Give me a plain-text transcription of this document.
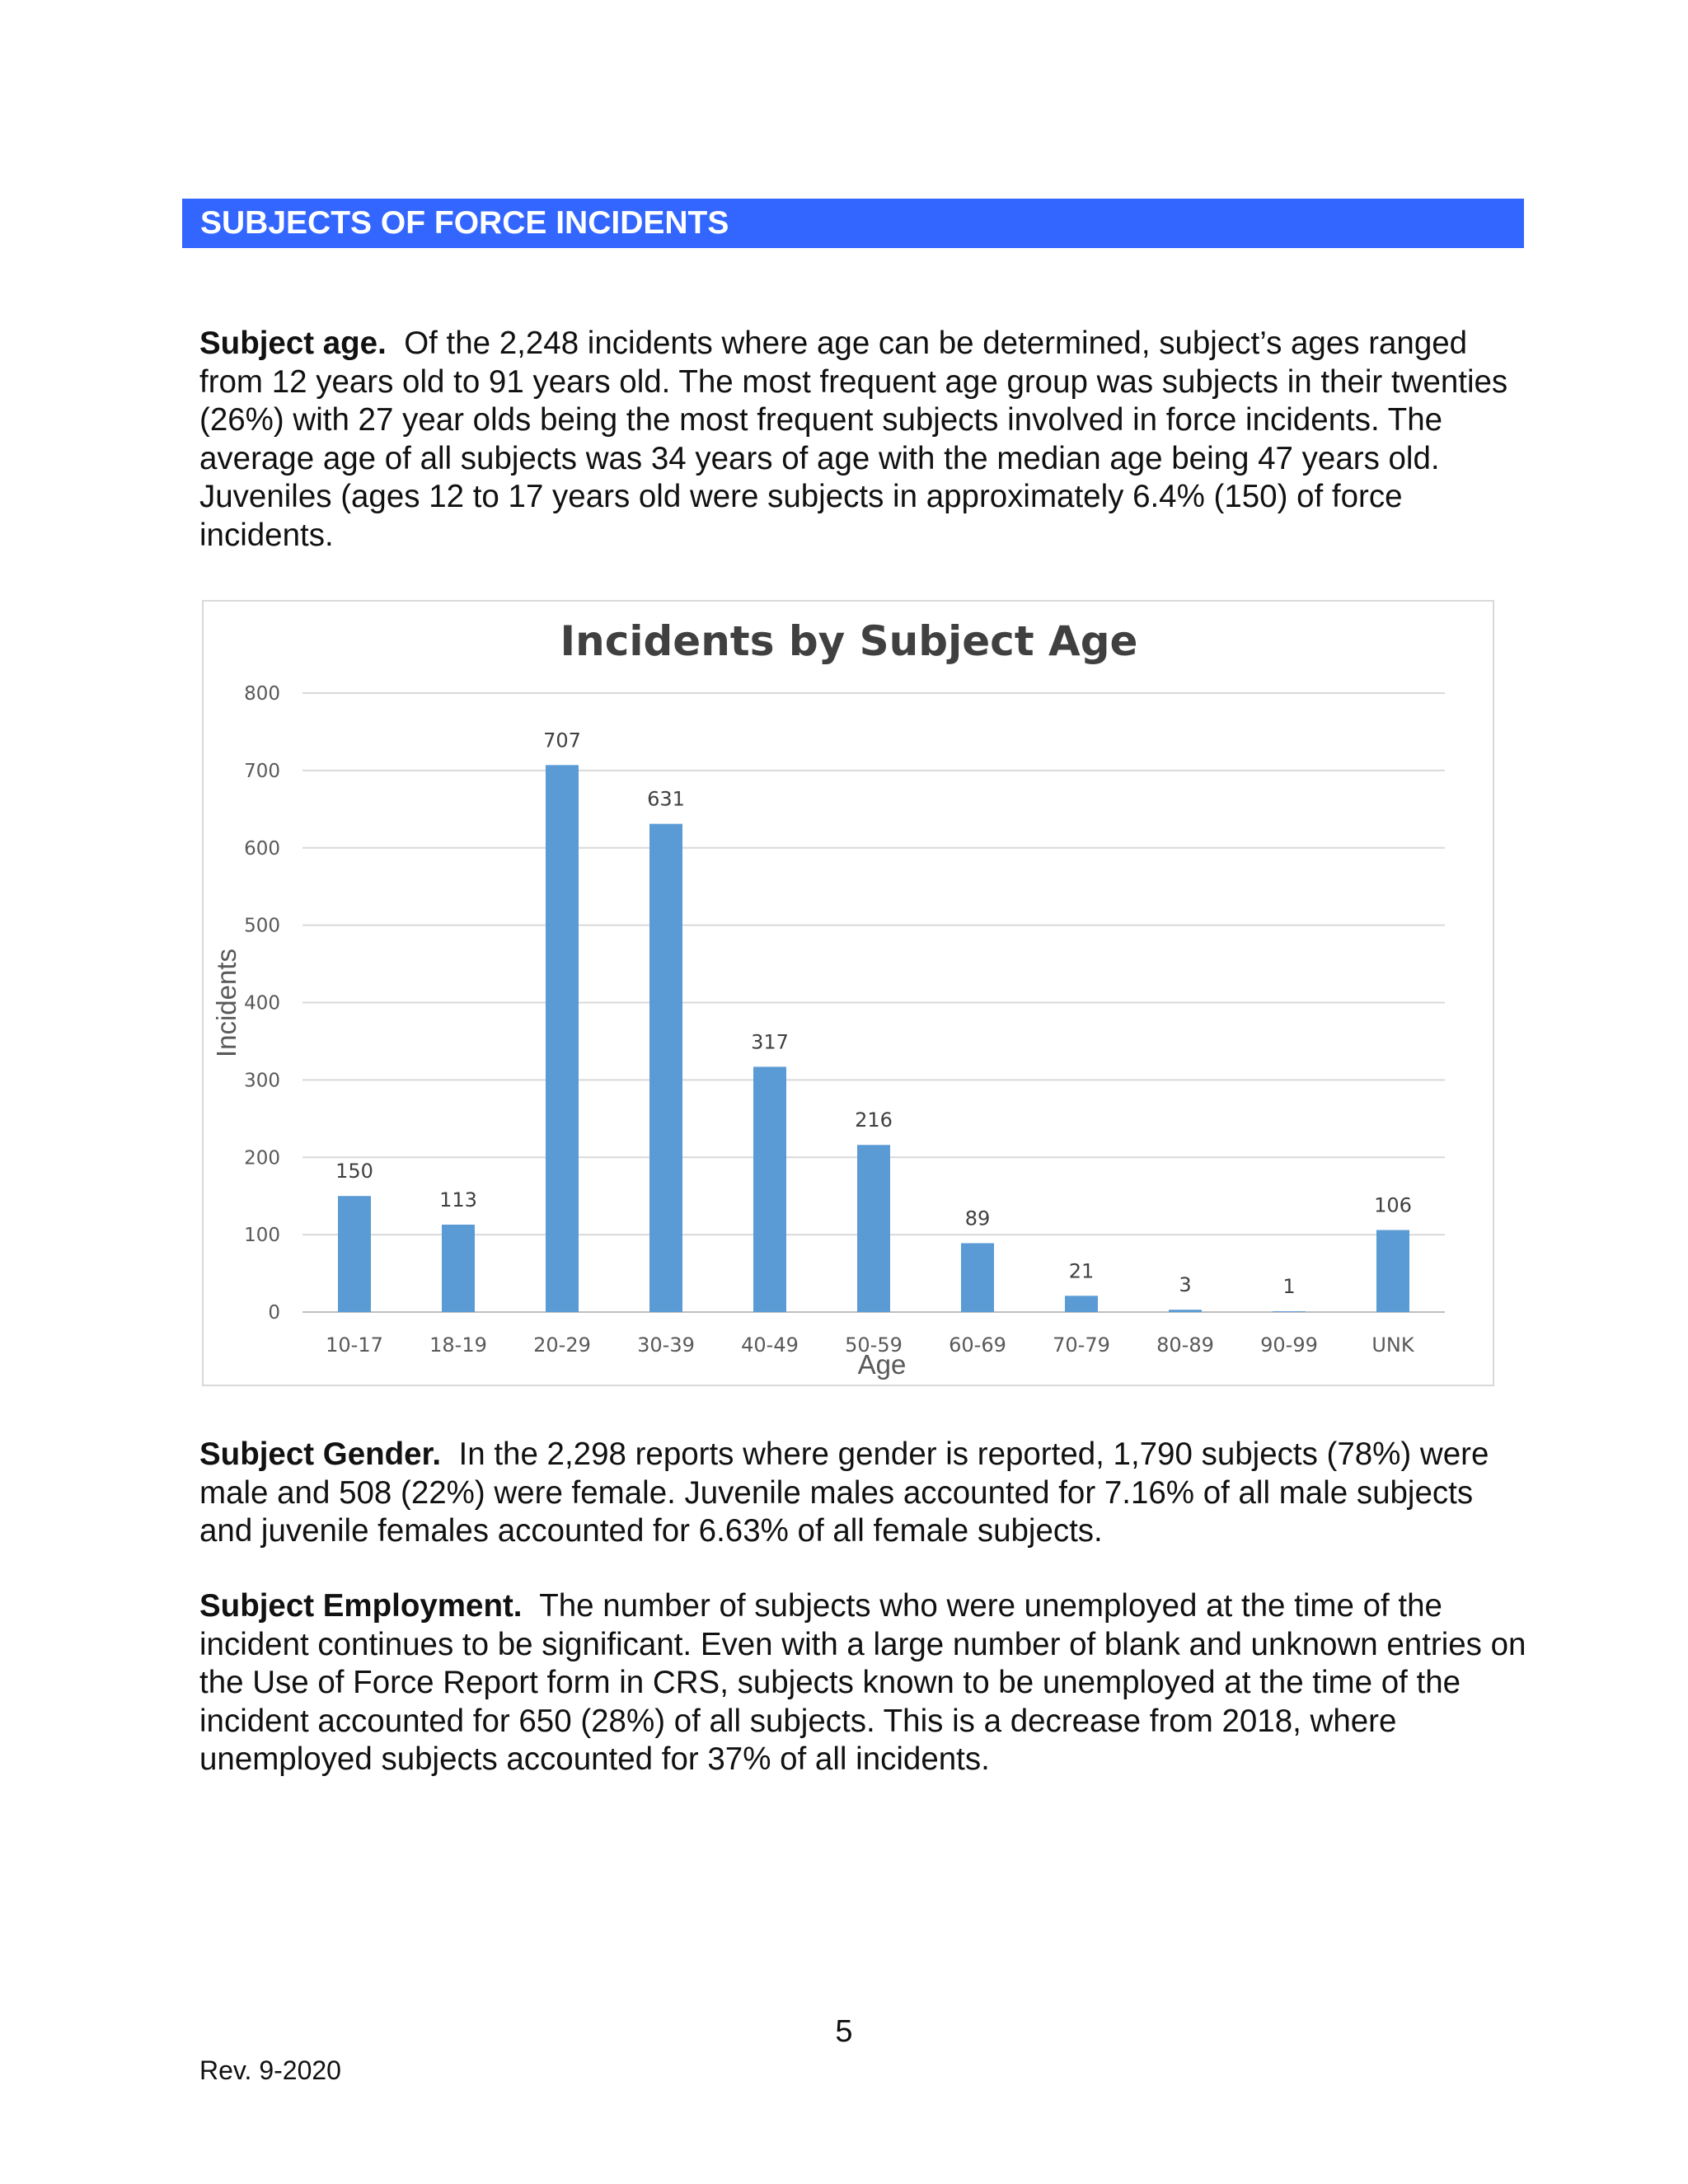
SUBJECTS OF FORCE INCIDENTS

Subject age. Of the 2,248 incidents where age can be determined, subject’s ages ranged from 12 years old to 91 years old. The most frequent age group was subjects in their twenties (26%) with 27 year olds being the most frequent subjects involved in force incidents. The average age of all subjects was 34 years of age with the median age being 47 years old. Juveniles (ages 12 to 17 years old were subjects in approximately 6.4% (150) of force incidents.

Incidents by Subject Age
0
100
200
300
400
500
600
700
800
150
10-17
113
18-19
707
20-29
631
30-39
317
40-49
216
50-59
89
60-69
21
70-79
3
80-89
1
90-99
106
UNK
Age
Incidents

Subject Gender. In the 2,298 reports where gender is reported, 1,790 subjects (78%) were male and 508 (22%) were female. Juvenile males accounted for 7.16% of all male subjects and juvenile females accounted for 6.63% of all female subjects.

Subject Employment. The number of subjects who were unemployed at the time of the incident continues to be significant. Even with a large number of blank and unknown entries on the Use of Force Report form in CRS, subjects known to be unemployed at the time of the incident accounted for 650 (28%) of all subjects. This is a decrease from 2018, where unemployed subjects accounted for 37% of all incidents.

5
Rev. 9-2020
